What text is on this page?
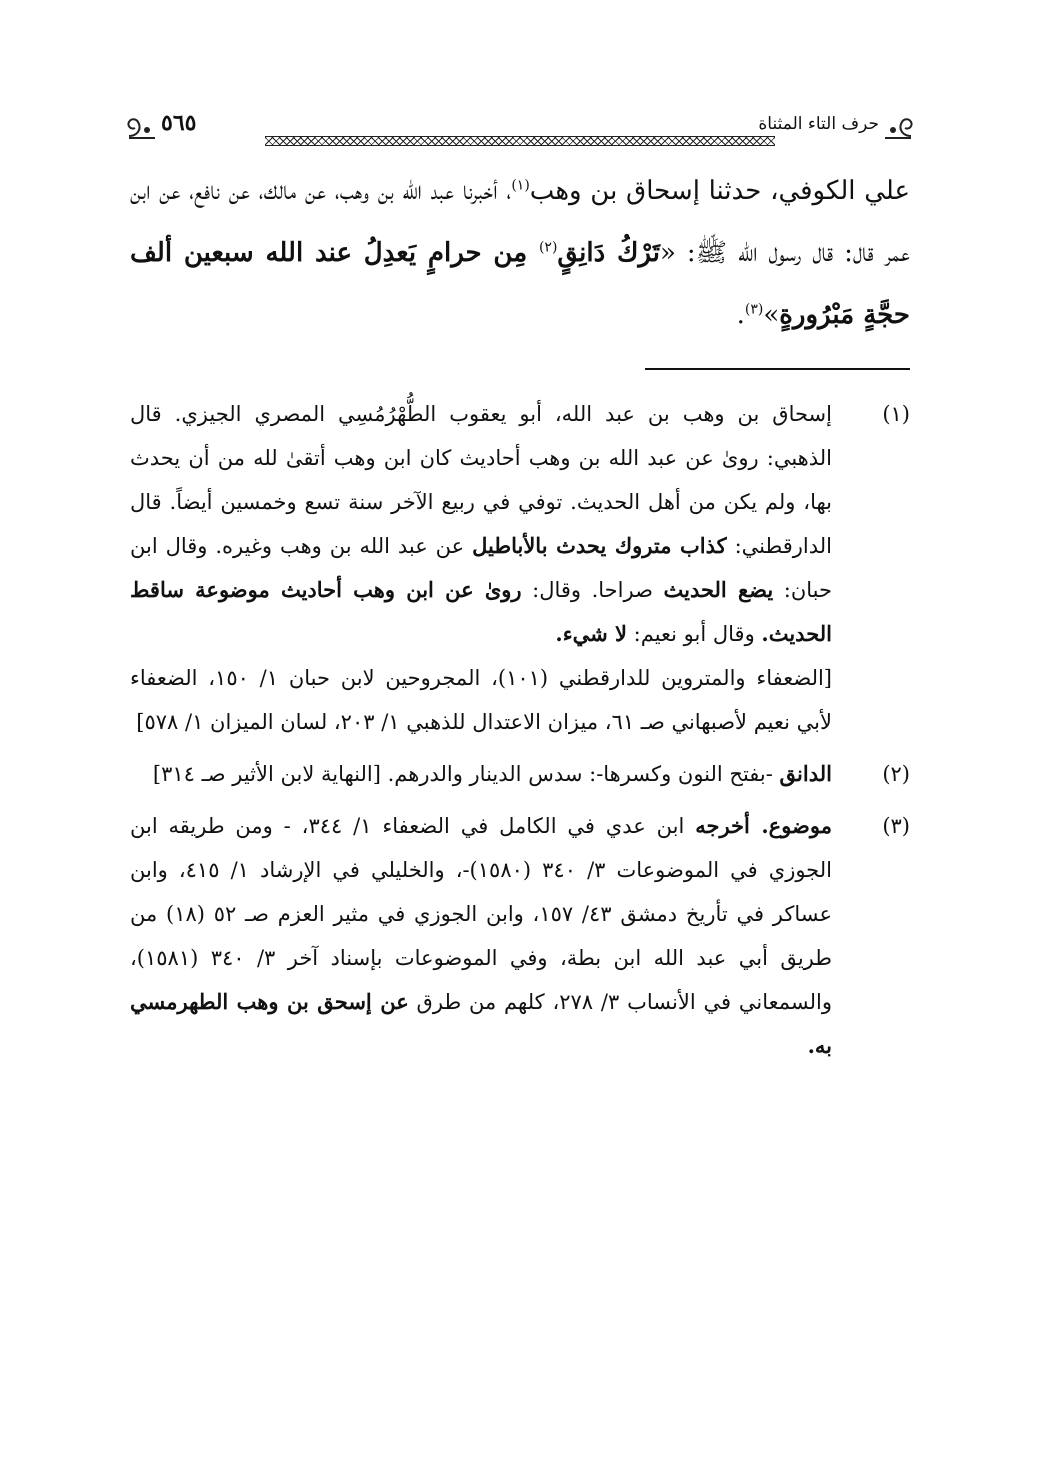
حرف التاء المثناة
٥٦٥

علي الكوفي، حدثنا إسحاق بن وهب$^{(١)}$، أخبرنا عبد الله بن وهب، عن مالك، عن نافع، عن ابن عمر قال: قال رسول الله ﷺ: «تَرْكُ دَانِقٍ$^{(٢)}$ مِن حرامٍ يَعدِلُ عند الله سبعين ألف حجَّةٍ مَبْرُورةٍ»$^{(٣)}$.

(١)

إسحاق بن وهب بن عبد الله، أبو يعقوب الطُّهْرُمُسِي المصري الجيزي. قال الذهبي: روىٰ عن عبد الله بن وهب أحاديث كان ابن وهب أتقىٰ لله من أن يحدث بها، ولم يكن من أهل الحديث. توفي في ربيع الآخر سنة تسع وخمسين أيضاً. قال الدارقطني: كذاب متروك يحدث بالأباطيل عن عبد الله بن وهب وغيره. وقال ابن حبان: يضع الحديث صراحا. وقال: روىٰ عن ابن وهب أحاديث موضوعة ساقط الحديث. وقال أبو نعيم: لا شيء.

[الضعفاء والمتروين للدارقطني (١٠١)، المجروحين لابن حبان ١/ ١٥٠، الضعفاء لأبي نعيم لأصبهاني صـ ٦١، ميزان الاعتدال للذهبي ١/ ٢٠٣، لسان الميزان ١/ ٥٧٨]

(٢)

الدانق -بفتح النون وكسرها-: سدس الدينار والدرهم. [النهاية لابن الأثير صـ ٣١٤]

(٣)

موضوع. أخرجه ابن عدي في الكامل في الضعفاء ١/ ٣٤٤، - ومن طريقه ابن الجوزي في الموضوعات ٣/ ٣٤٠ (١٥٨٠)-، والخليلي في الإرشاد ١/ ٤١٥، وابن عساكر في تأريخ دمشق ٤٣/ ١٥٧، وابن الجوزي في مثير العزم صـ ٥٢ (١٨) من طريق أبي عبد الله ابن بطة، وفي الموضوعات بإسناد آخر ٣/ ٣٤٠ (١٥٨١)، والسمعاني في الأنساب ٣/ ٢٧٨، كلهم من طرق عن إسحق بن وهب الطهرمسي به.
